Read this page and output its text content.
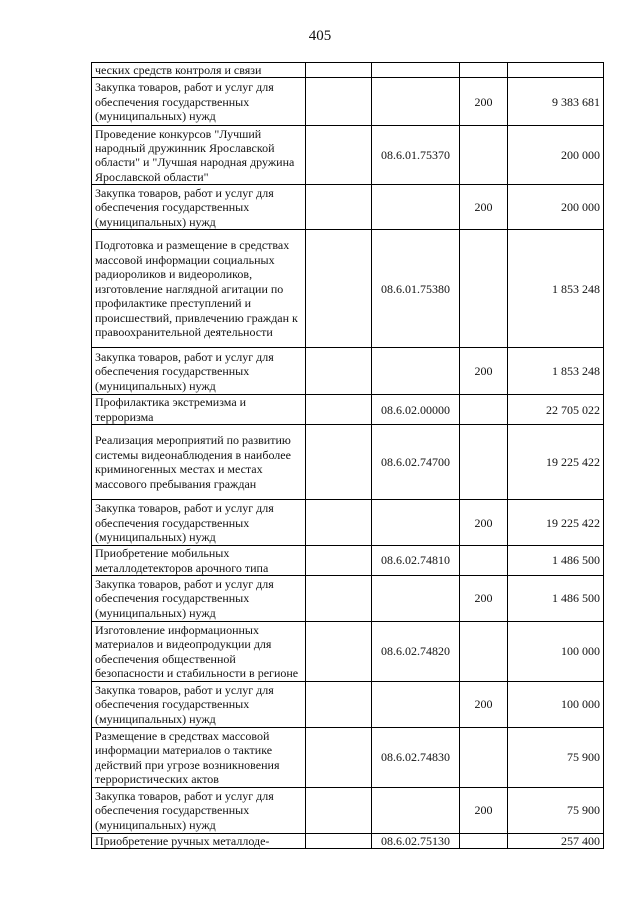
405
ческих средств контроля и связи				
Закупка товаров, работ и услуг для обеспечения государственных (муниципальных) нужд			200	9 383 681
Проведение конкурсов "Лучший народный дружинник Ярославской области" и "Лучшая народная дружина Ярославской области"		08.6.01.75370		200 000
Закупка товаров, работ и услуг для обеспечения государственных (муниципальных) нужд			200	200 000
Подготовка и размещение в средствах массовой информации социальных радиороликов и видеороликов, изготовление наглядной агитации по профилактике преступлений и происшествий, привлечению граждан к правоохранительной деятельности		08.6.01.75380		1 853 248
Закупка товаров, работ и услуг для обеспечения государственных (муниципальных) нужд			200	1 853 248
Профилактика экстремизма и терроризма		08.6.02.00000		22 705 022
Реализация мероприятий по развитию системы видеонаблюдения в наиболее криминогенных местах и местах массового пребывания граждан		08.6.02.74700		19 225 422
Закупка товаров, работ и услуг для обеспечения государственных (муниципальных) нужд			200	19 225 422
Приобретение мобильных металлодетекторов арочного типа		08.6.02.74810		1 486 500
Закупка товаров, работ и услуг для обеспечения государственных (муниципальных) нужд			200	1 486 500
Изготовление информационных материалов и видеопродукции для обеспечения общественной безопасности и стабильности в регионе		08.6.02.74820		100 000
Закупка товаров, работ и услуг для обеспечения государственных (муниципальных) нужд			200	100 000
Размещение в средствах массовой информации материалов о тактике действий при угрозе возникновения террористических актов		08.6.02.74830		75 900
Закупка товаров, работ и услуг для обеспечения государственных (муниципальных) нужд			200	75 900
Приобретение ручных металлоде-		08.6.02.75130		257 400
